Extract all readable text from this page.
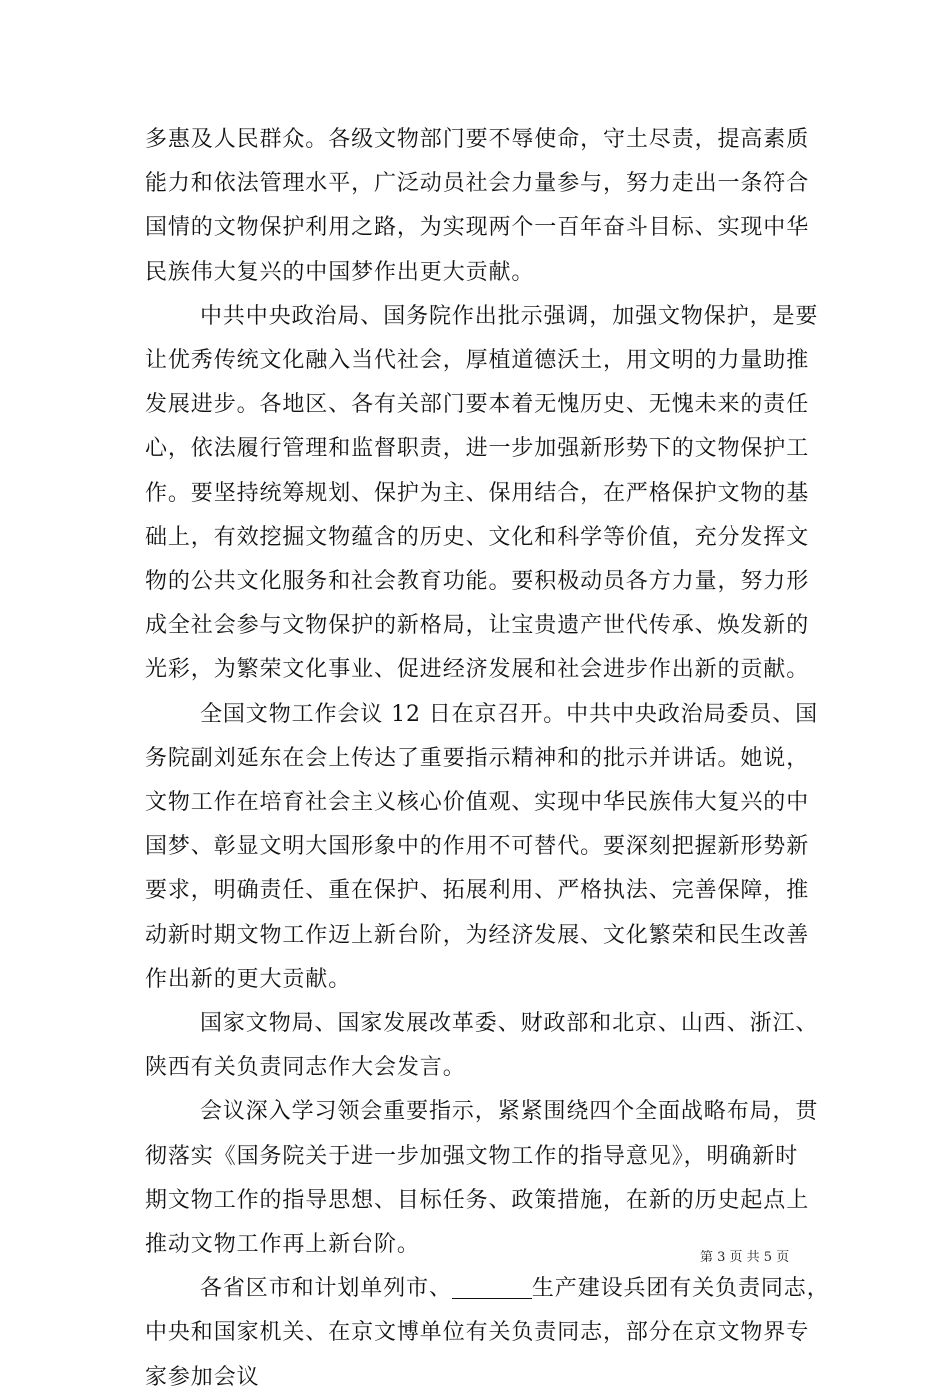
多惠及人民群众。各级文物部门要不辱使命，守土尽责，提高素质
能力和依法管理水平，广泛动员社会力量参与，努力走出一条符合
国情的文物保护利用之路，为实现两个一百年奋斗目标、实现中华
民族伟大复兴的中国梦作出更大贡献。
中共中央政治局、国务院作出批示强调，加强文物保护，是要
让优秀传统文化融入当代社会，厚植道德沃土，用文明的力量助推
发展进步。各地区、各有关部门要本着无愧历史、无愧未来的责任
心，依法履行管理和监督职责，进一步加强新形势下的文物保护工
作。要坚持统筹规划、保护为主、保用结合，在严格保护文物的基
础上，有效挖掘文物蕴含的历史、文化和科学等价值，充分发挥文
物的公共文化服务和社会教育功能。要积极动员各方力量，努力形
成全社会参与文物保护的新格局，让宝贵遗产世代传承、焕发新的
光彩，为繁荣文化事业、促进经济发展和社会进步作出新的贡献。
全国文物工作会议 12 日在京召开。中共中央政治局委员、国
务院副刘延东在会上传达了重要指示精神和的批示并讲话。她说，
文物工作在培育社会主义核心价值观、实现中华民族伟大复兴的中
国梦、彰显文明大国形象中的作用不可替代。要深刻把握新形势新
要求，明确责任、重在保护、拓展利用、严格执法、完善保障，推
动新时期文物工作迈上新台阶，为经济发展、文化繁荣和民生改善
作出新的更大贡献。
国家文物局、国家发展改革委、财政部和北京、山西、浙江、
陕西有关负责同志作大会发言。
会议深入学习领会重要指示，紧紧围绕四个全面战略布局，贯
彻落实《国务院关于进一步加强文物工作的指导意见》，明确新时
期文物工作的指导思想、目标任务、政策措施，在新的历史起点上
推动文物工作再上新台阶。
各省区市和计划单列市、	生产建设兵团有关负责同志，
中央和国家机关、在京文博单位有关负责同志，部分在京文物界专
家参加会议
第 3 页 共 5 页
